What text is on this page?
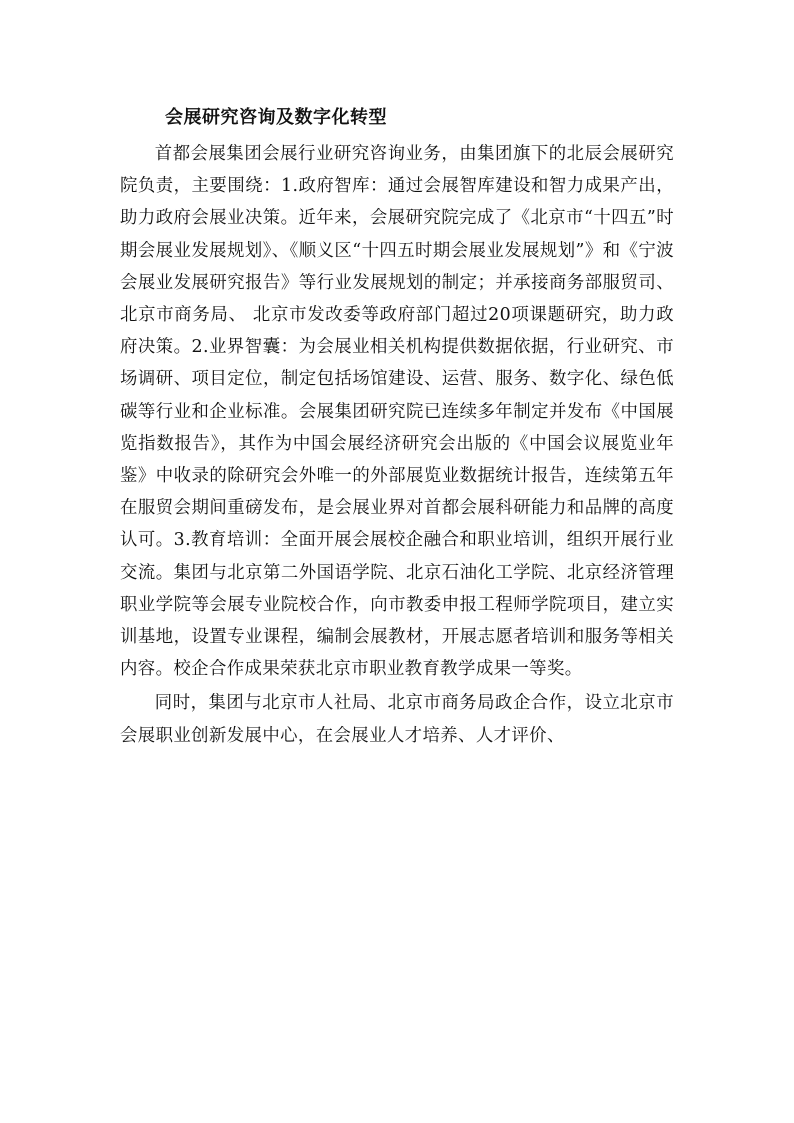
会展研究咨询及数字化转型

首都会展集团会展行业研究咨询业务，由集团旗下的北辰会展研究院负责，主要围绕：1.政府智库：通过会展智库建设和智力成果产出，助力政府会展业决策。近年来，会展研究院完成了《北京市“十四五”时期会展业发展规划》、《顺义区“十四五时期会展业发展规划”》和《宁波会展业发展研究报告》等行业发展规划的制定；并承接商务部服贸司、北京市商务局、 北京市发改委等政府部门超过20项课题研究，助力政府决策。2.业界智囊：为会展业相关机构提供数据依据，行业研究、市场调研、项目定位，制定包括场馆建设、运营、服务、数字化、绿色低碳等行业和企业标准。会展集团研究院已连续多年制定并发布《中国展览指数报告》，其作为中国会展经济研究会出版的《中国会议展览业年鉴》中收录的除研究会外唯一的外部展览业数据统计报告，连续第五年在服贸会期间重磅发布，是会展业界对首都会展科研能力和品牌的高度认可。3.教育培训：全面开展会展校企融合和职业培训，组织开展行业交流。集团与北京第二外国语学院、北京石油化工学院、北京经济管理职业学院等会展专业院校合作，向市教委申报工程师学院项目，建立实训基地，设置专业课程，编制会展教材，开展志愿者培训和服务等相关内容。校企合作成果荣获北京市职业教育教学成果一等奖。

同时，集团与北京市人社局、北京市商务局政企合作，设立北京市会展职业创新发展中心，在会展业人才培养、人才评价、
